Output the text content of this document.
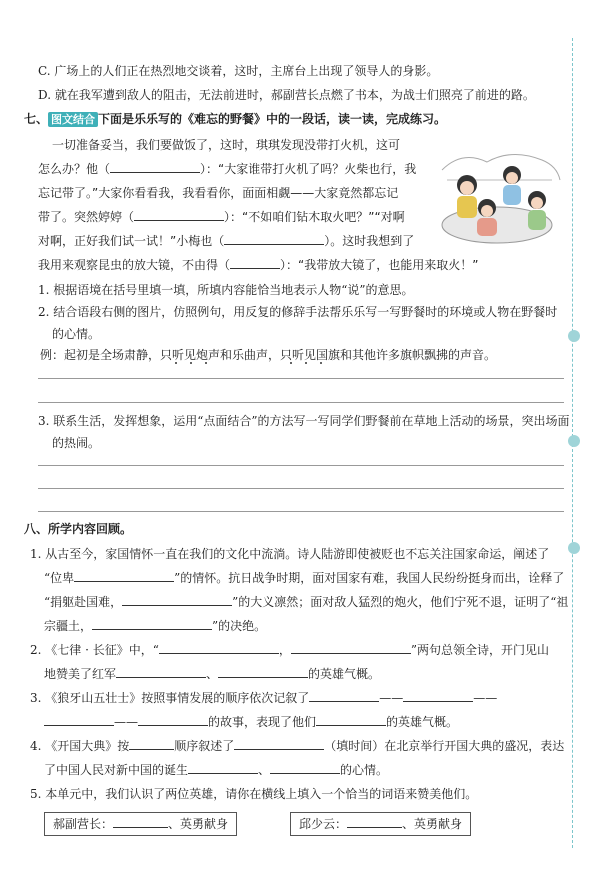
C. 广场上的人们正在热烈地交谈着，这时，主席台上出现了领导人的身影。
D. 就在我军遭到敌人的阻击，无法前进时，郝副营长点燃了书本，为战士们照亮了前进的路。
七、 图文结合 下面是乐乐写的《难忘的野餐》中的一段话，读一读，完成练习。
一切准备妥当，我们要做饭了，这时，琪琪发现没带打火机，这可
怎么办？他（	）：“大家谁带打火机了吗？火柴也行，我
忘记带了。”大家你看看我，我看看你，面面相觑——大家竟然都忘记
带了。突然婷婷（	）：“不如咱们钻木取火吧？”“对啊
对啊，正好我们试一试！”小梅也（	）。这时我想到了
我用来观察昆虫的放大镜，不由得（	）：“我带放大镜了，也能用来取火！”
1. 根据语境在括号里填一填，所填内容能恰当地表示人物“说”的意思。
2. 结合语段右侧的图片，仿照例句，用反复的修辞手法帮乐乐写一写野餐时的环境或人物在野餐时
的心情。
例：起初是全场肃静，只听见炮声和乐曲声，只听见国旗和其他许多旗帜飘拂的声音。
3. 联系生活，发挥想象，运用“点面结合”的方法写一写同学们野餐前在草地上活动的场景，突出场面
的热闹。
八、所学内容回顾。
1. 从古至今，家国情怀一直在我们的文化中流淌。诗人陆游即使被贬也不忘关注国家命运，阐述了
“位卑	”的情怀。抗日战争时期，面对国家有难，我国人民纷纷挺身而出，诠释了
“捐躯赴国难，	”的大义凛然；面对敌人猛烈的炮火，他们宁死不退，证明了“祖
宗疆土，	”的决绝。
2. 《七律 · 长征》中，“	，	”两句总领全诗，开门见山
地赞美了红军	、	的英雄气概。
3. 《狼牙山五壮士》按照事情发展的顺序依次记叙了	——	——
——	的故事，表现了他们	的英雄气概。
4. 《开国大典》按	顺序叙述了	（填时间）在北京举行开国大典的盛况，表达
了中国人民对新中国的诞生	、	的心情。
5. 本单元中，我们认识了两位英雄，请你在横线上填入一个恰当的词语来赞美他们。
郝副营长：	、英勇献身	邱少云：	、英勇献身
